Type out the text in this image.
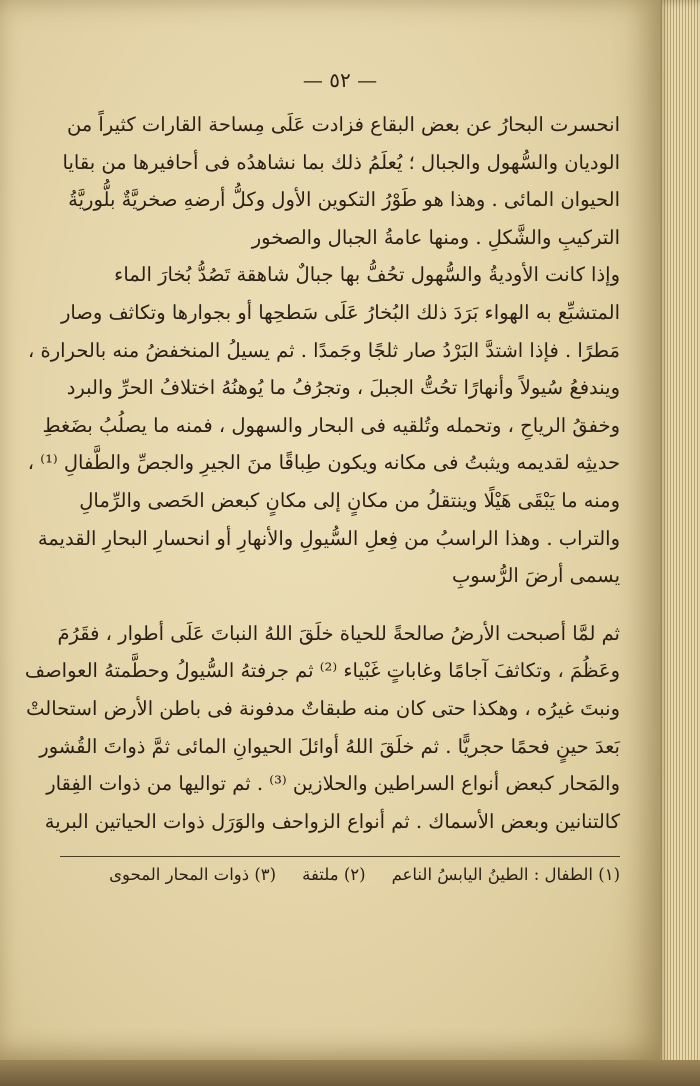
— ٥٢ —

انحسرت البحارُ عن بعض البقاع فزادت عَلَى مِساحة القارات كثيراً من
الوديان والسُّهول والجبال ؛ يُعلَمُ ذلك بما نشاهدُه فى أحافيرها من بقايا
الحيوان المائى . وهذا هو طَوْرُ التكوين الأول وكلُّ أرضهِ صخريَّةٌ بلُّوريَّةُ
التركيبِ والشَّكلِ . ومنها عامةُ الجبال والصخور

وإذا كانت الأوديةُ والسُّهول تحُفُّ بها جبالٌ شاهقة تَصُدُّ بُخارَ الماء
المتشبِّع به الهواء بَرَدَ ذلك البُخارُ عَلَى سَطحِها أو بجوارها وتكاثف وصار
مَطرًا . فإذا اشتدَّ البَرْدُ صار ثلجًا وجَمدًا . ثم يسيلُ المنخفضُ منه بالحرارة ،
ويندفعُ سُيولاً وأنهارًا تحُتُّ الجبلَ ، وتجرُفُ ما يُوهنُهُ اختلافُ الحرِّ والبرد
وخفقُ الرياحِ ، وتحمله وتُلقيه فى البحار والسهول ، فمنه ما يصلُبُ بضَغطِ
حديثِه لقديمه ويثبتُ فى مكانه ويكون طِباقًا منَ الجيرِ والجصِّ والطَّفالِ ⁽¹⁾ ،
ومنه ما يَبْقَى هَيْلًا وينتقلُ من مكانٍ إلى مكانٍ كبعض الحَصى والرِّمالِ
والتراب . وهذا الراسبُ من فِعلِ السُّيولِ والأنهارِ أو انحسارِ البحارِ القديمة
يسمى أرضَ الرُّسوبِ

ثم لمَّا أصبحت الأرضُ صالحةً للحياة خلَقَ اللهُ النباتَ عَلَى أطوار ، فقَرُمَ
وعَظُمَ ، وتكاثفَ آجامًا وغاباتٍ غَبْياء ⁽²⁾ ثم جرفتهُ السُّيولُ وحطَّمتهُ العواصف
ونبتَ غيرُه ، وهكذا حتى كان منه طبقاتٌ مدفونة فى باطن الأرض استحالتْ
بَعدَ حينٍ فحمًا حجريًّا . ثم خلَقَ اللهُ أوائلَ الحيوانِ المائى ثمَّ ذواتَ القُشور
والمَحار كبعض أنواع السراطين والحلازين ⁽³⁾ . ثم تواليها من ذوات الفِقار
كالتنانين وبعض الأسماك . ثم أنواع الزواحف والوَرَل ذوات الحياتين البرية

(١) الطفال : الطينُ اليابسُ الناعم
(٢) ملتفة
(٣) ذوات المحار المحوى
